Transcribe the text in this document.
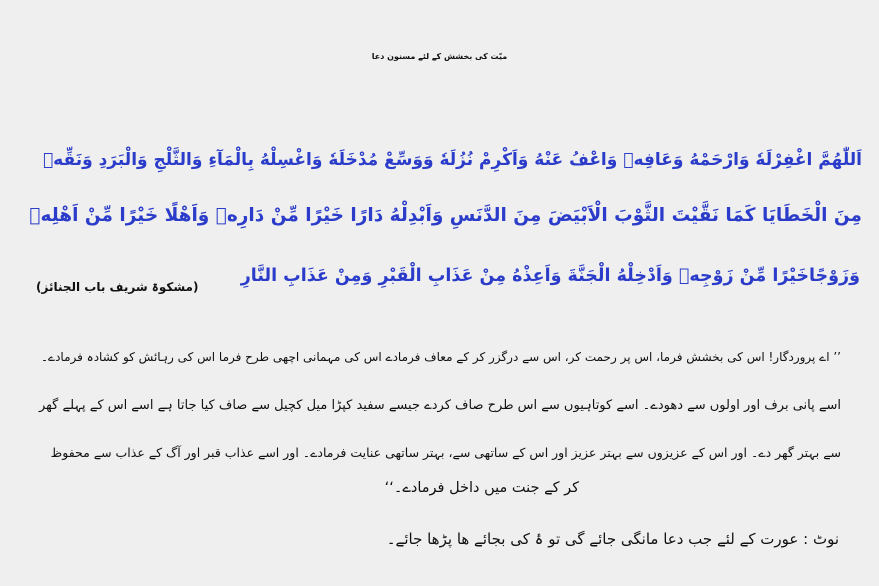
میّت کی بخشش کے لئے مسنون دعا
اَللّٰھُمَّ اغْفِرْلَهٗ وَارْحَمْهُ وَعَافِهٖ وَاعْفُ عَنْهُ وَاَكْرِمْ نُزُلَهٗ وَوَسِّعْ مُدْخَلَهٗ وَاغْسِلْهُ بِالْمَآءِ وَالثَّلْجِ وَالْبَرَدِ وَنَقِّهٖ
مِنَ الْخَطَايَا كَمَا نَقَّيْتَ الثَّوْبَ الْاَبْيَضَ مِنَ الدَّنَسِ وَاَبْدِلْهُ دَارًا خَيْرًا مِّنْ دَارِهٖ وَاَهْلًا خَيْرًا مِّنْ اَهْلِهٖ
وَزَوْجًاخَيْرًا مِّنْ زَوْجِهٖ وَاَدْخِلْهُ الْجَنَّةَ وَاَعِذْهُ مِنْ عَذَابِ الْقَبْرِ وَمِنْ عَذَابِ النَّارِ
(مشکوۃ شریف باب الجنائز)
’’ اے پروردگار! اس کی بخشش فرما، اس پر رحمت کر، اس سے درگزر کر کے معاف فرمادے اس کی مہمانی اچھی طرح فرما اس کی رہائش کو کشادہ فرمادے۔
اسے پانی برف اور اولوں سے دھودے۔ اسے کوتاہیوں سے اس طرح صاف کردے جیسے سفید کپڑا میل کچیل سے صاف کیا جاتا ہے اسے اس کے پہلے گھر
سے بہتر گھر دے۔ اور اس کے عزیزوں سے بہتر عزیز اور اس کے ساتھی سے، بہتر ساتھی عنایت فرمادے۔ اور اسے عذاب قبر اور آگ کے عذاب سے محفوظ
کر کے جنت میں داخل فرمادے۔‘‘
نوٹ : عورت کے لئے جب دعا مانگی جائے گی تو ۂ کی بجائے ھا پڑھا جائے۔
